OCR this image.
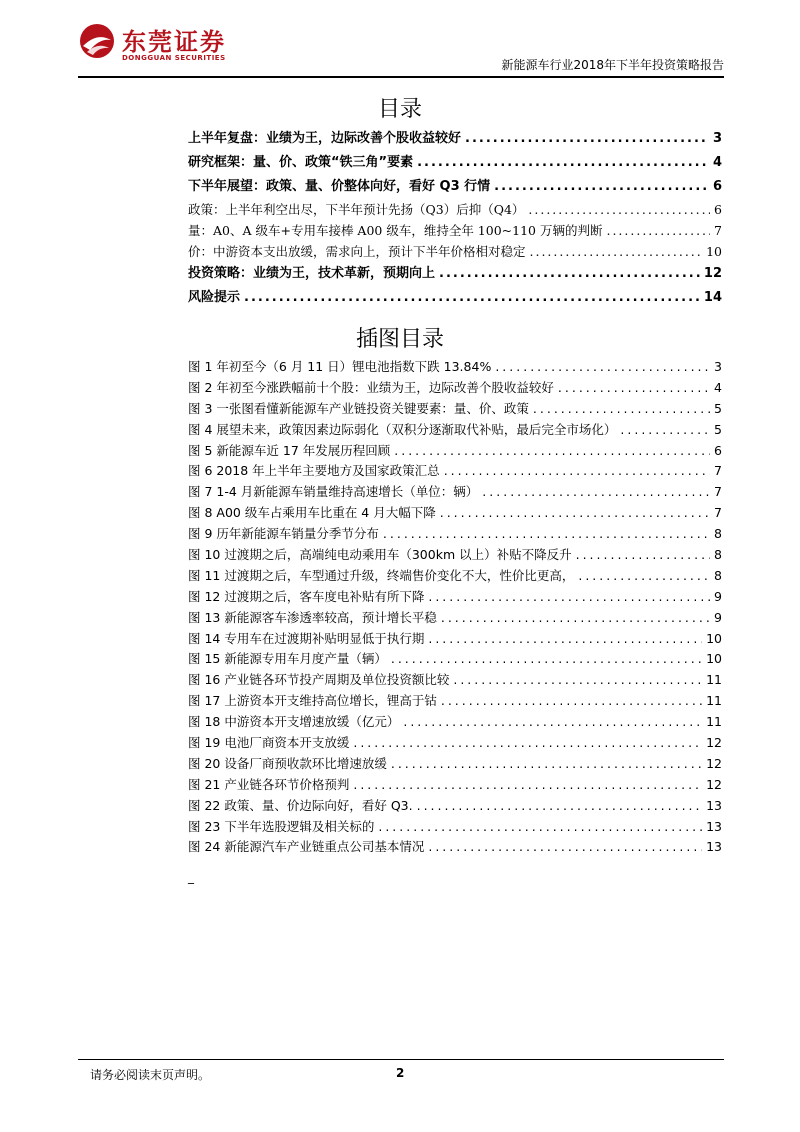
东莞证券
DONGGUAN SECURITIES	新能源车行业2018年下半年投资策略报告
目录
上半年复盘：业绩为王，边际改善个股收益较好 .....	3
研究框架：量、价、政策“铁三角”要素 .....	4
下半年展望：政策、量、价整体向好，看好 Q3 行情 .....	6
政策：上半年利空出尽，下半年预计先扬（Q3）后抑（Q4） .....	6
量：A0、A 级车+专用车接棒 A00 级车，维持全年 100~110 万辆的判断 .....	7
价：中游资本支出放缓，需求向上，预计下半年价格相对稳定 .....	10
投资策略：业绩为王，技术革新，预期向上 .....	12
风险提示 .....	14
插图目录
图 1 年初至今（6 月 11 日）锂电池指数下跌 13.84% .....	3
图 2 年初至今涨跌幅前十个股：业绩为王，边际改善个股收益较好 .....	4
图 3 一张图看懂新能源车产业链投资关键要素：量、价、政策 .....	5
图 4 展望未来，政策因素边际弱化（双积分逐渐取代补贴，最后完全市场化） .....	5
图 5 新能源车近 17 年发展历程回顾 .....	6
图 6 2018 年上半年主要地方及国家政策汇总 .....	7
图 7 1-4 月新能源车销量维持高速增长（单位：辆） .....	7
图 8 A00 级车占乘用车比重在 4 月大幅下降 .....	7
图 9 历年新能源车销量分季节分布 .....	8
图 10 过渡期之后，高端纯电动乘用车（300km 以上）补贴不降反升 .....	8
图 11 过渡期之后，车型通过升级，终端售价变化不大，性价比更高， .....	8
图 12 过渡期之后，客车度电补贴有所下降 .....	9
图 13 新能源客车渗透率较高，预计增长平稳 .....	9
图 14 专用车在过渡期补贴明显低于执行期 .....	10
图 15 新能源专用车月度产量（辆） .....	10
图 16 产业链各环节投产周期及单位投资额比较 .....	11
图 17 上游资本开支维持高位增长，锂高于钴 .....	11
图 18 中游资本开支增速放缓（亿元） .....	11
图 19 电池厂商资本开支放缓 .....	12
图 20 设备厂商预收款环比增速放缓 .....	12
图 21 产业链各环节价格预判 .....	12
图 22 政策、量、价边际向好，看好 Q3. .....	13
图 23 下半年选股逻辑及相关标的 .....	13
图 24 新能源汽车产业链重点公司基本情况 .....	13
_
请务必阅读末页声明。	2
